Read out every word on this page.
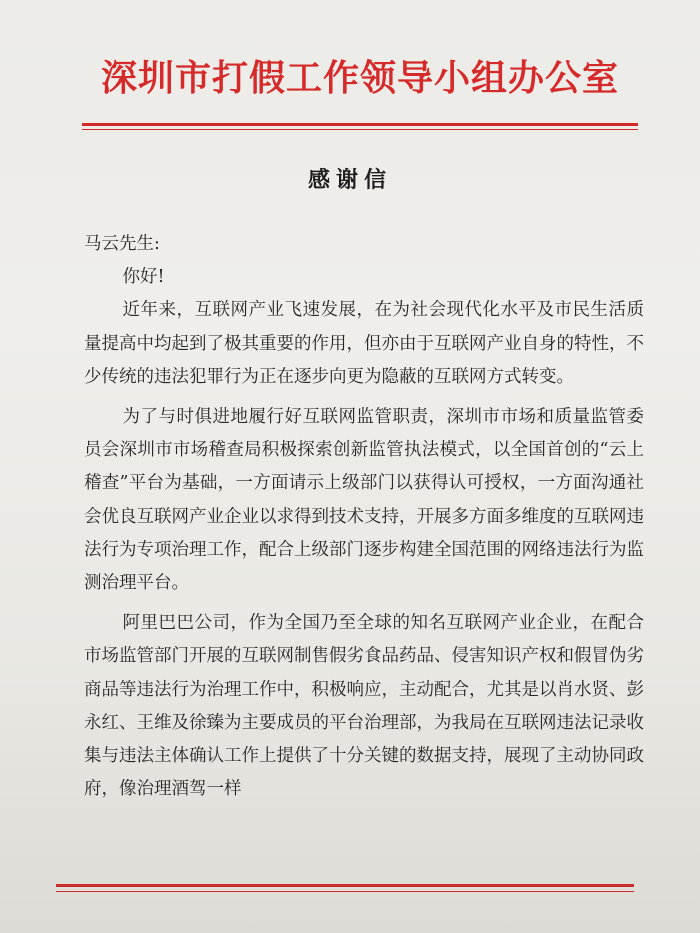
深圳市打假工作领导小组办公室
感谢信

马云先生:

你好!

近年来，互联网产业飞速发展，在为社会现代化水平及市民生活质量提高中均起到了极其重要的作用，但亦由于互联网产业自身的特性，不少传统的违法犯罪行为正在逐步向更为隐蔽的互联网方式转变。

为了与时俱进地履行好互联网监管职责，深圳市市场和质量监管委员会深圳市市场稽查局积极探索创新监管执法模式，以全国首创的“云上稽查”平台为基础，一方面请示上级部门以获得认可授权，一方面沟通社会优良互联网产业企业以求得到技术支持，开展多方面多维度的互联网违法行为专项治理工作，配合上级部门逐步构建全国范围的网络违法行为监测治理平台。

阿里巴巴公司，作为全国乃至全球的知名互联网产业企业，在配合市场监管部门开展的互联网制售假劣食品药品、侵害知识产权和假冒伪劣商品等违法行为治理工作中，积极响应，主动配合，尤其是以肖水贤、彭永红、王维及徐臻为主要成员的平台治理部，为我局在互联网违法记录收集与违法主体确认工作上提供了十分关键的数据支持，展现了主动协同政府，像治理酒驾一样
